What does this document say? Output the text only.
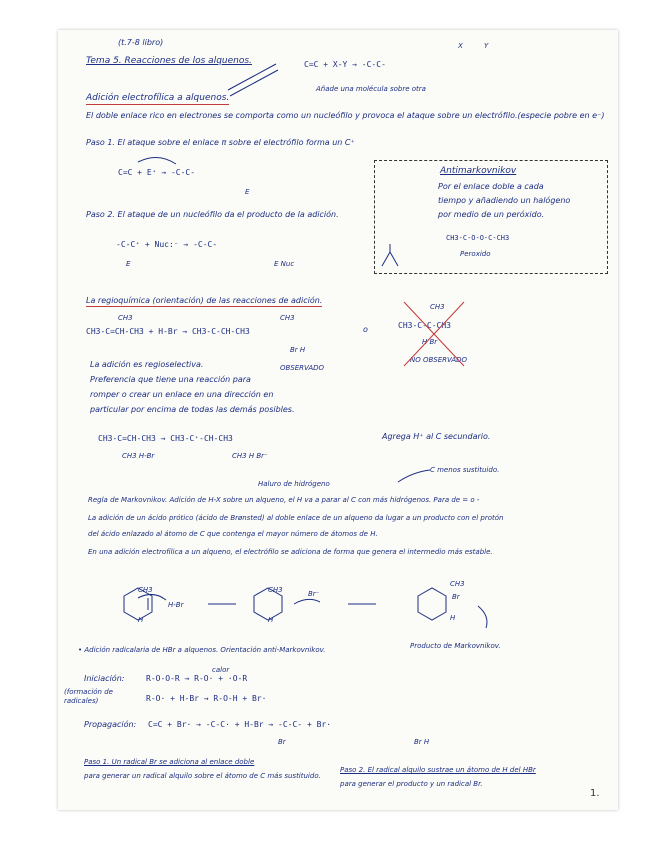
(t.7-8 libro)
Tema 5. Reacciones de los alquenos.
X	Y
C=C + X-Y → -C-C-
Añade una molécula sobre otra
Adición electrofílica a alquenos.
El doble enlace rico en electrones se comporta como un nucleófilo y provoca el ataque sobre un electrófilo.(especie pobre en e⁻)
Paso 1. El ataque sobre el enlace π sobre el electrófilo forma un C⁺
C=C + E⁺ → -C-C-
E
Paso 2. El ataque de un nucleófilo da el producto de la adición.
-C-C⁺ + Nuc:⁻ → -C-C-
E	E Nuc
Antimarkovnikov
Por el enlace doble a cada
tiempo y añadiendo un halógeno
por medio de un peróxido.
CH3-C-O-O-C-CH3
Peroxido
La regioquímica (orientación) de las reacciones de adición.
CH3	CH3
CH3-C=CH-CH3 + H-Br → CH3-C-CH-CH3
Br H
OBSERVADO
o
CH3
CH3-C-C-CH3
H Br
NO OBSERVADO
La adición es regioselectiva.
Preferencia que tiene una reacción para
romper o crear un enlace en una dirección en
particular por encima de todas las demás posibles.
CH3-C=CH-CH3 → CH3-C⁺-CH-CH3
CH3 H-Br	CH3 H Br⁻
Agrega H⁺ al C secundario.
Haluro de hidrógeno
C menos sustituido.
Regla de Markovnikov. Adición de H-X sobre un alqueno, el H va a parar al C con más hidrógenos. Para de = o -
La adición de un ácido prótico (ácido de Brønsted) al doble enlace de un alqueno da lugar a un producto con el protón
del ácido enlazado al átomo de C que contenga el mayor número de átomos de H.
En una adición electrofílica a un alqueno, el electrófilo se adiciona de forma que genera el intermedio más estable.
CH3
H
H-Br
CH3
H
Br⁻
CH3
Br
H
• Adición radicalaria de HBr a alquenos. Orientación anti-Markovnikov.	Producto de Markovnikov.
Iniciación:
(formación de radicales)
calor
R-O-O-R → R-O· + ·O-R
R-O· + H-Br → R-O-H + Br·
Propagación: C=C + Br· → -C-C· + H-Br → -C-C- + Br·
Br	Br H
Paso 1. Un radical Br se adiciona al enlace doble
para generar un radical alquilo sobre el átomo de C más sustituido.
Paso 2. El radical alquilo sustrae un átomo de H del HBr
para generar el producto y un radical Br.
1.
